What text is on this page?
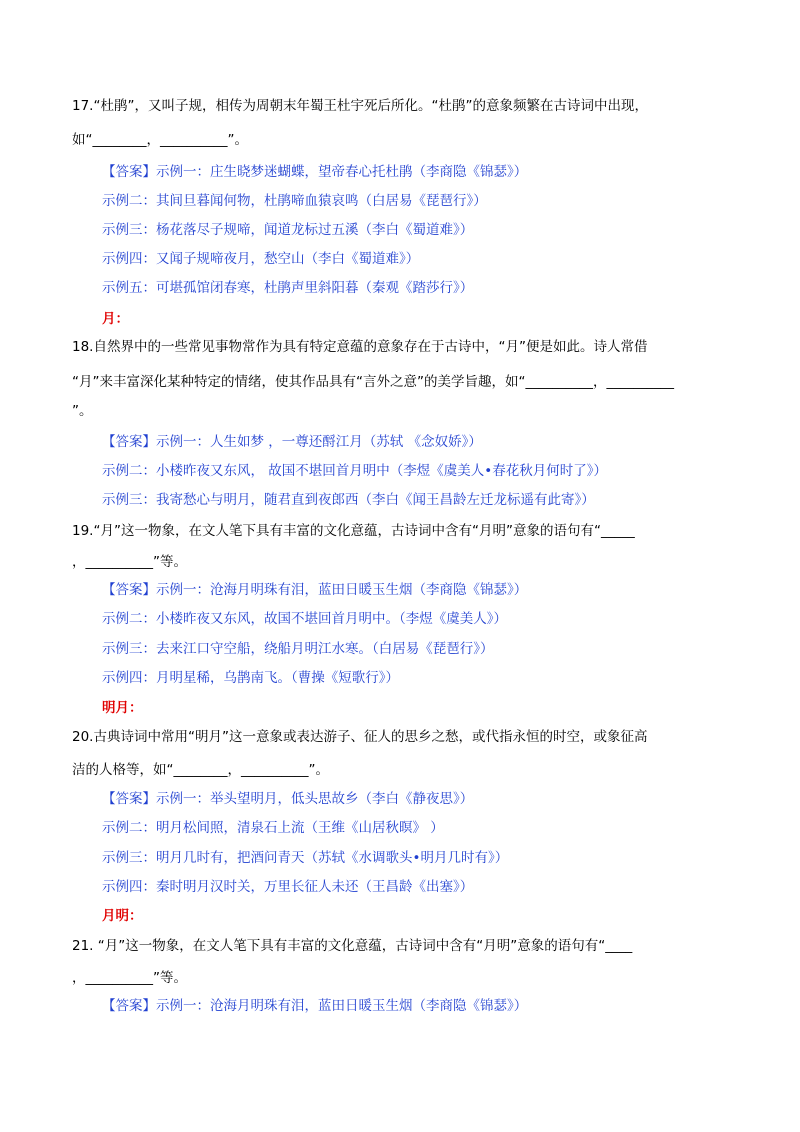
17.“杜鹃”，又叫子规，相传为周朝末年蜀王杜宇死后所化。“杜鹃”的意象频繁在古诗词中出现，
如“________，__________”。
【答案】示例一：庄生晓梦迷蝴蝶，望帝春心托杜鹃（李商隐《锦瑟》）
示例二：其间旦暮闻何物，杜鹃啼血猿哀鸣（白居易《琵琶行》）
示例三：杨花落尽子规啼，闻道龙标过五溪（李白《蜀道难》）
示例四：又闻子规啼夜月，愁空山（李白《蜀道难》）
示例五：可堪孤馆闭春寒，杜鹃声里斜阳暮（秦观《踏莎行》）
月：
18.自然界中的一些常见事物常作为具有特定意蕴的意象存在于古诗中，“月”便是如此。诗人常借
“月”来丰富深化某种特定的情绪，使其作品具有“言外之意”的美学旨趣，如“__________，__________
”。
【答案】示例一：人生如梦 ，一尊还酹江月（苏轼 《念奴娇》）
示例二：小楼昨夜又东风， 故国不堪回首月明中（李煜《虞美人•春花秋月何时了》）
示例三：我寄愁心与明月，随君直到夜郎西（李白《闻王昌龄左迁龙标遥有此寄》）
19.“月”这一物象，在文人笔下具有丰富的文化意蕴，古诗词中含有“月明”意象的语句有“_____
，__________”等。
【答案】示例一：沧海月明珠有泪，蓝田日暖玉生烟（李商隐《锦瑟》）
示例二：小楼昨夜又东风，故国不堪回首月明中。（李煜《虞美人》）
示例三：去来江口守空船，绕船月明江水寒。（白居易《琵琶行》）
示例四：月明星稀，乌鹊南飞。（曹操《短歌行》）
明月：
20.古典诗词中常用“明月”这一意象或表达游子、征人的思乡之愁，或代指永恒的时空，或象征高
洁的人格等，如“________，__________”。
【答案】示例一：举头望明月，低头思故乡（李白《静夜思》）
示例二：明月松间照，清泉石上流（王维《山居秋暝》 ）
示例三：明月几时有，把酒问青天（苏轼《水调歌头•明月几时有》）
示例四：秦时明月汉时关，万里长征人未还（王昌龄《出塞》）
月明：
21. “月”这一物象，在文人笔下具有丰富的文化意蕴，古诗词中含有“月明”意象的语句有“____
，__________”等。
【答案】示例一：沧海月明珠有泪，蓝田日暖玉生烟（李商隐《锦瑟》）
